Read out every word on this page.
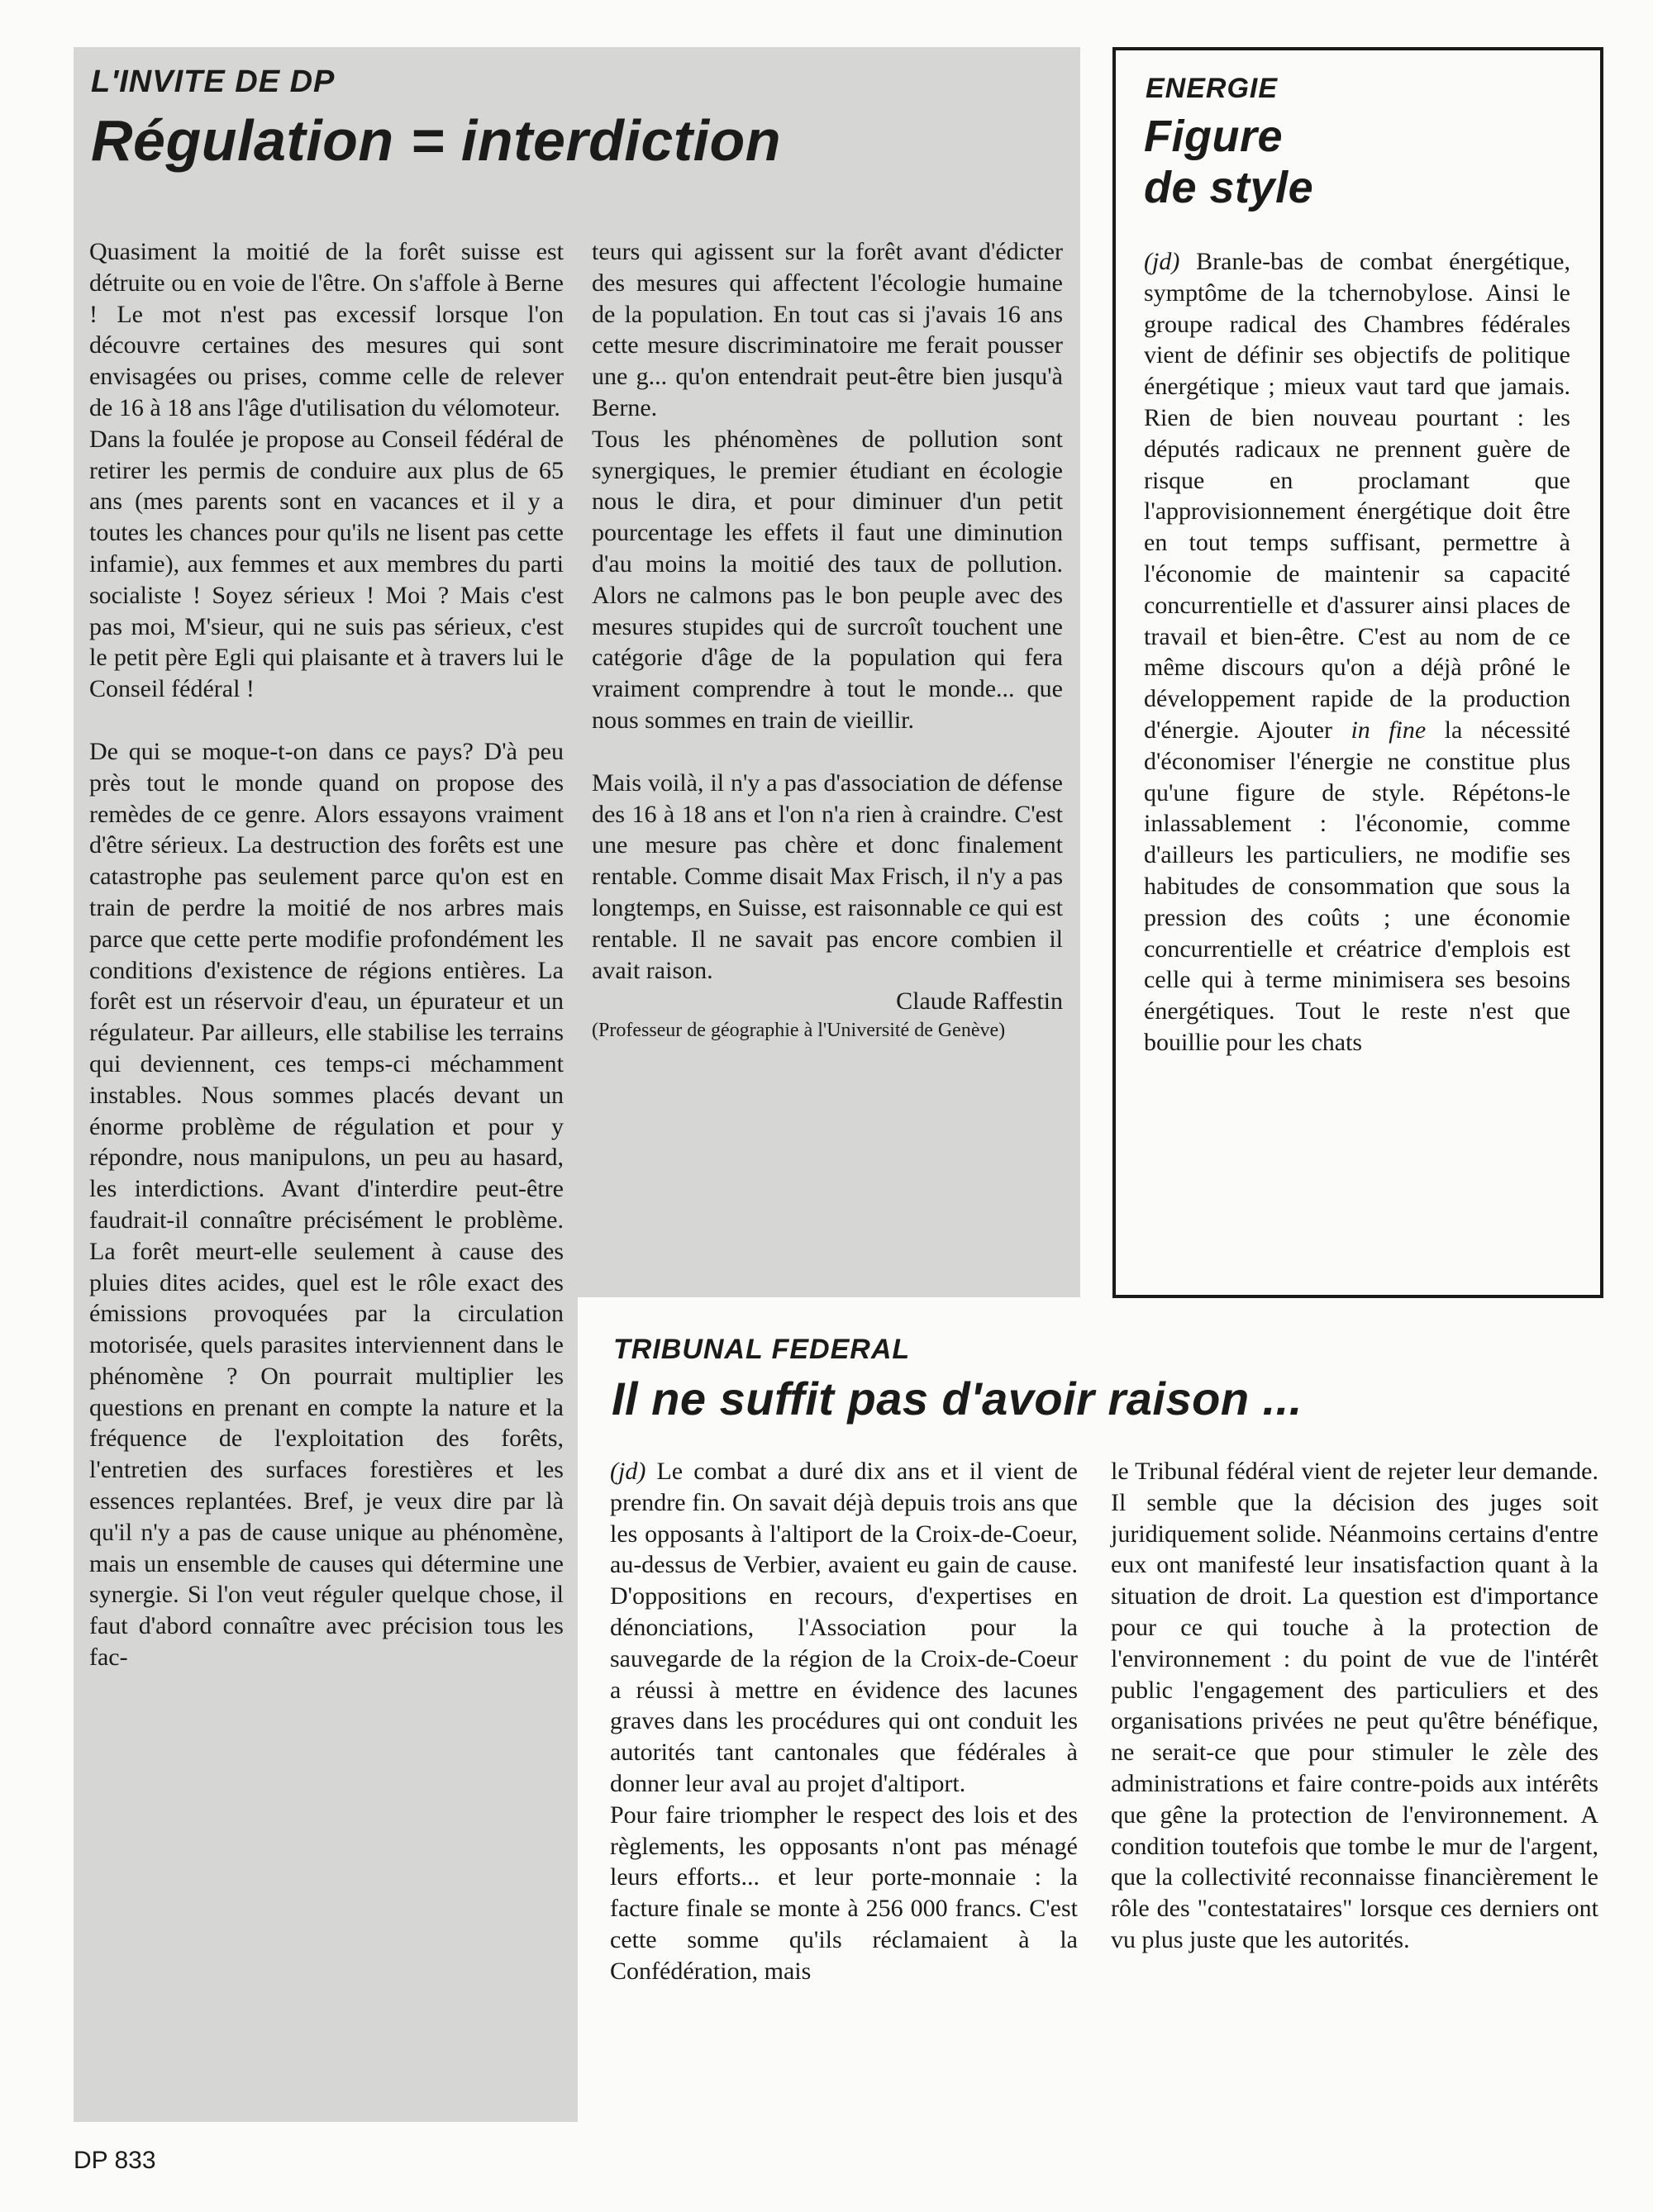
L'INVITE DE DP
Régulation = interdiction

Quasiment la moitié de la forêt suisse est détruite ou en voie de l'être. On s'affole à Berne ! Le mot n'est pas excessif lorsque l'on découvre certaines des mesures qui sont envisagées ou prises, comme celle de relever de 16 à 18 ans l'âge d'utilisation du vélomoteur.

Dans la foulée je propose au Conseil fédéral de retirer les permis de conduire aux plus de 65 ans (mes parents sont en vacances et il y a toutes les chances pour qu'ils ne lisent pas cette infamie), aux femmes et aux membres du parti socialiste ! Soyez sérieux ! Moi ? Mais c'est pas moi, M'sieur, qui ne suis pas sérieux, c'est le petit père Egli qui plaisante et à travers lui le Conseil fédéral !

De qui se moque-t-on dans ce pays? D'à peu près tout le monde quand on propose des remèdes de ce genre. Alors essayons vraiment d'être sérieux. La destruction des forêts est une catastrophe pas seulement parce qu'on est en train de perdre la moitié de nos arbres mais parce que cette perte modifie profondément les conditions d'existence de régions entières. La forêt est un réservoir d'eau, un épurateur et un régulateur. Par ailleurs, elle stabilise les terrains qui deviennent, ces temps-ci méchamment instables. Nous sommes placés devant un énorme problème de régulation et pour y répondre, nous manipulons, un peu au hasard, les interdictions. Avant d'interdire peut-être faudrait-il connaître précisément le problème. La forêt meurt-elle seulement à cause des pluies dites acides, quel est le rôle exact des émissions provoquées par la circulation motorisée, quels parasites interviennent dans le phénomène ? On pourrait multiplier les questions en prenant en compte la nature et la fréquence de l'exploitation des forêts, l'entretien des surfaces forestières et les essences replantées. Bref, je veux dire par là qu'il n'y a pas de cause unique au phénomène, mais un ensemble de causes qui détermine une synergie. Si l'on veut réguler quelque chose, il faut d'abord connaître avec précision tous les fac-

teurs qui agissent sur la forêt avant d'édicter des mesures qui affectent l'écologie humaine de la population. En tout cas si j'avais 16 ans cette mesure discriminatoire me ferait pousser une g... qu'on entendrait peut-être bien jusqu'à Berne.

Tous les phénomènes de pollution sont synergiques, le premier étudiant en écologie nous le dira, et pour diminuer d'un petit pourcentage les effets il faut une diminution d'au moins la moitié des taux de pollution. Alors ne calmons pas le bon peuple avec des mesures stupides qui de surcroît touchent une catégorie d'âge de la population qui fera vraiment comprendre à tout le monde... que nous sommes en train de vieillir.

Mais voilà, il n'y a pas d'association de défense des 16 à 18 ans et l'on n'a rien à craindre. C'est une mesure pas chère et donc finalement rentable. Comme disait Max Frisch, il n'y a pas longtemps, en Suisse, est raisonnable ce qui est rentable. Il ne savait pas encore combien il avait raison.

Claude Raffestin

(Professeur de géographie à l'Université de Genève)

ENERGIE
Figure
de style

(jd) Branle-bas de combat énergétique, symptôme de la tchernobylose. Ainsi le groupe radical des Chambres fédérales vient de définir ses objectifs de politique énergétique ; mieux vaut tard que jamais. Rien de bien nouveau pourtant : les députés radicaux ne prennent guère de risque en proclamant que l'approvisionnement énergétique doit être en tout temps suffisant, permettre à l'économie de maintenir sa capacité concurrentielle et d'assurer ainsi places de travail et bien-être. C'est au nom de ce même discours qu'on a déjà prôné le développement rapide de la production d'énergie. Ajouter in fine la nécessité d'économiser l'énergie ne constitue plus qu'une figure de style. Répétons-le inlassablement : l'économie, comme d'ailleurs les particuliers, ne modifie ses habitudes de consommation que sous la pression des coûts ; une économie concurrentielle et créatrice d'emplois est celle qui à terme minimisera ses besoins énergétiques. Tout le reste n'est que bouillie pour les chats

TRIBUNAL FEDERAL
Il ne suffit pas d'avoir raison ...

(jd) Le combat a duré dix ans et il vient de prendre fin. On savait déjà depuis trois ans que les opposants à l'altiport de la Croix-de-Coeur, au-dessus de Verbier, avaient eu gain de cause. D'oppositions en recours, d'expertises en dénonciations, l'Association pour la sauvegarde de la région de la Croix-de-Coeur a réussi à mettre en évidence des lacunes graves dans les procédures qui ont conduit les autorités tant cantonales que fédérales à donner leur aval au projet d'altiport.

Pour faire triompher le respect des lois et des règlements, les opposants n'ont pas ménagé leurs efforts... et leur porte-monnaie : la facture finale se monte à 256 000 francs. C'est cette somme qu'ils réclamaient à la Confédération, mais

le Tribunal fédéral vient de rejeter leur demande. Il semble que la décision des juges soit juridiquement solide. Néanmoins certains d'entre eux ont manifesté leur insatisfaction quant à la situation de droit. La question est d'importance pour ce qui touche à la protection de l'environnement : du point de vue de l'intérêt public l'engagement des particuliers et des organisations privées ne peut qu'être bénéfique, ne serait-ce que pour stimuler le zèle des administrations et faire contre-poids aux intérêts que gêne la protection de l'environnement. A condition toutefois que tombe le mur de l'argent, que la collectivité reconnaisse financièrement le rôle des "contestataires" lorsque ces derniers ont vu plus juste que les autorités.

DP 833
